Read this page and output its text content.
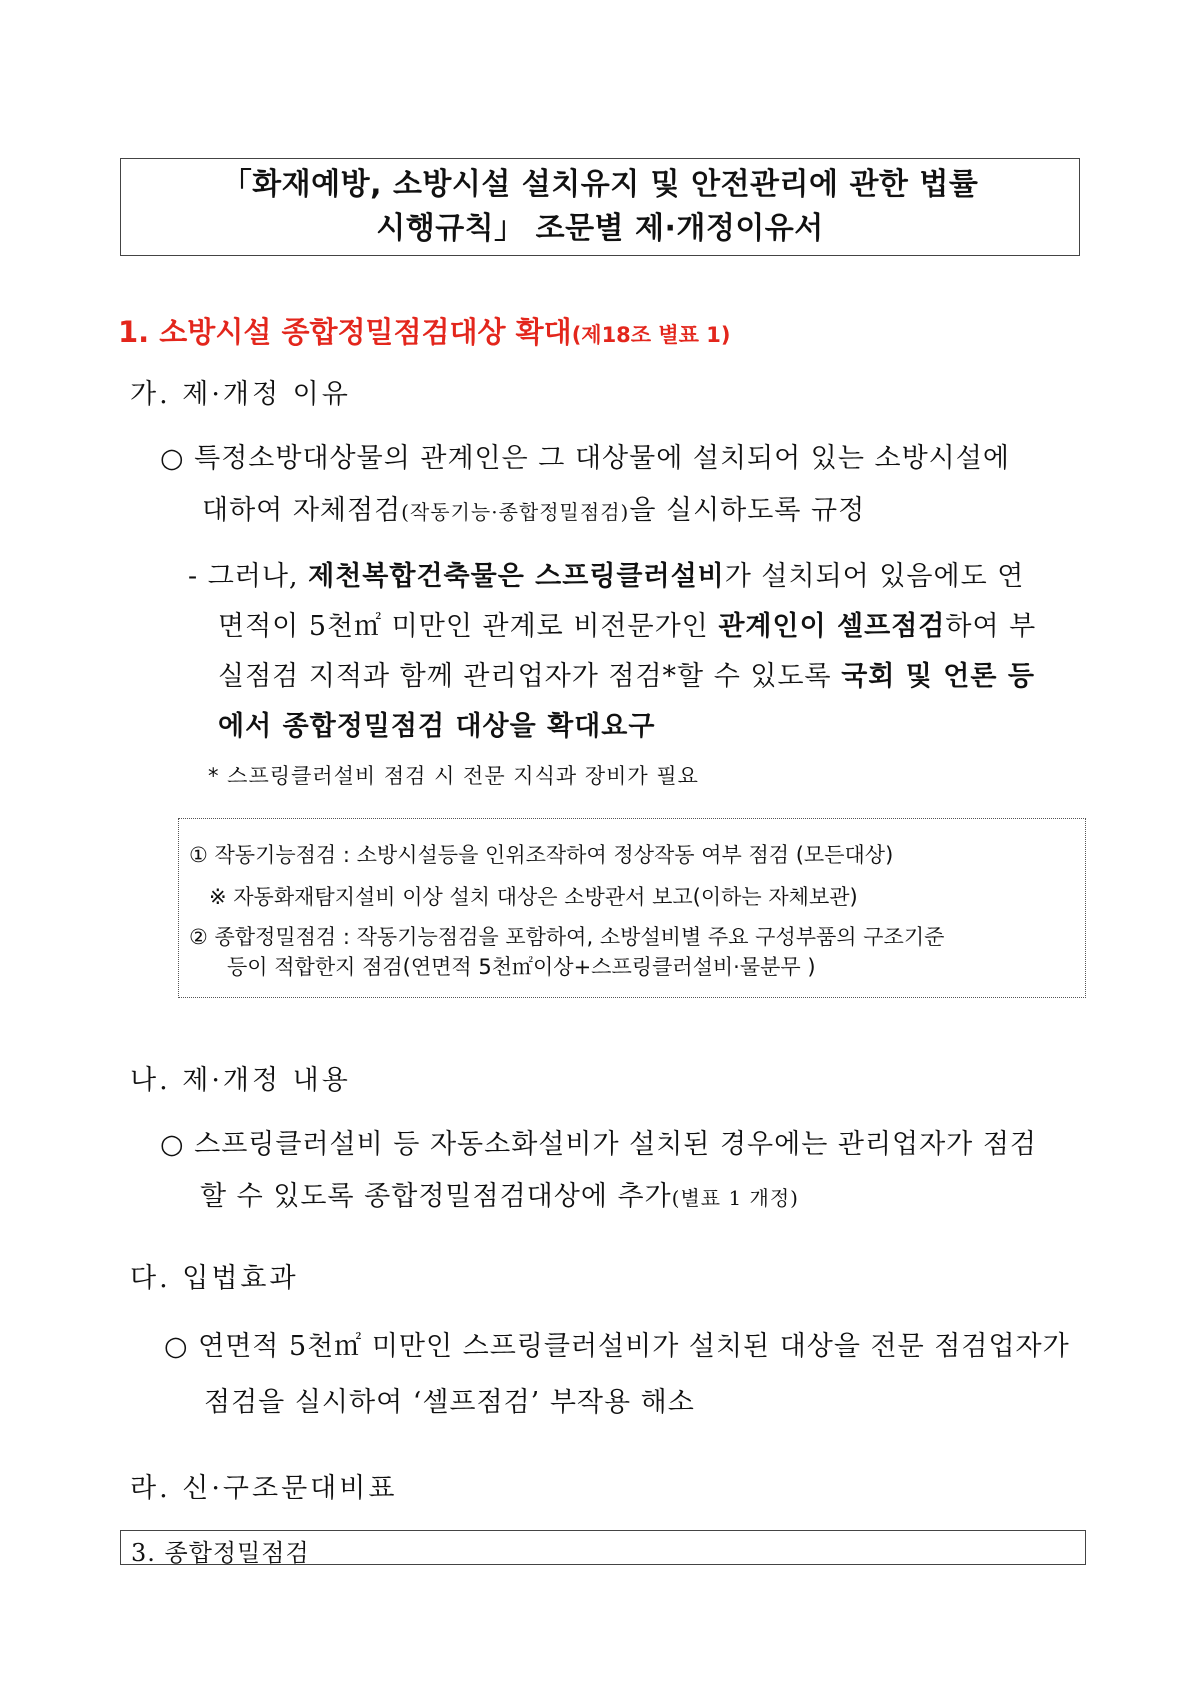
「화재예방, 소방시설 설치유지 및 안전관리에 관한 법률
시행규칙」 조문별 제·개정이유서
1. 소방시설 종합정밀점검대상 확대(제18조 별표 1)
가. 제·개정 이유
○ 특정소방대상물의 관계인은 그 대상물에 설치되어 있는 소방시설에
대하여 자체점검(작동기능·종합정밀점검)을 실시하도록 규정
- 그러나, 제천복합건축물은 스프링클러설비가 설치되어 있음에도 연
면적이 5천㎡ 미만인 관계로 비전문가인 관계인이 셀프점검하여 부
실점검 지적과 함께 관리업자가 점검*할 수 있도록 국회 및 언론 등
에서 종합정밀점검 대상을 확대요구
* 스프링클러설비 점검 시 전문 지식과 장비가 필요
① 작동기능점검 : 소방시설등을 인위조작하여 정상작동 여부 점검 (모든대상)
※ 자동화재탐지설비 이상 설치 대상은 소방관서 보고(이하는 자체보관)
② 종합정밀점검 : 작동기능점검을 포함하여, 소방설비별 주요 구성부품의 구조기준
등이 적합한지 점검(연면적 5천㎡이상+스프링클러설비·물분무 )
나. 제·개정 내용
○ 스프링클러설비 등 자동소화설비가 설치된 경우에는 관리업자가 점검
할 수 있도록 종합정밀점검대상에 추가(별표 1 개정)
다. 입법효과
○ 연면적 5천㎡ 미만인 스프링클러설비가 설치된 대상을 전문 점검업자가
점검을 실시하여 ‘셀프점검’ 부작용 해소
라. 신·구조문대비표
3. 종합정밀점검
